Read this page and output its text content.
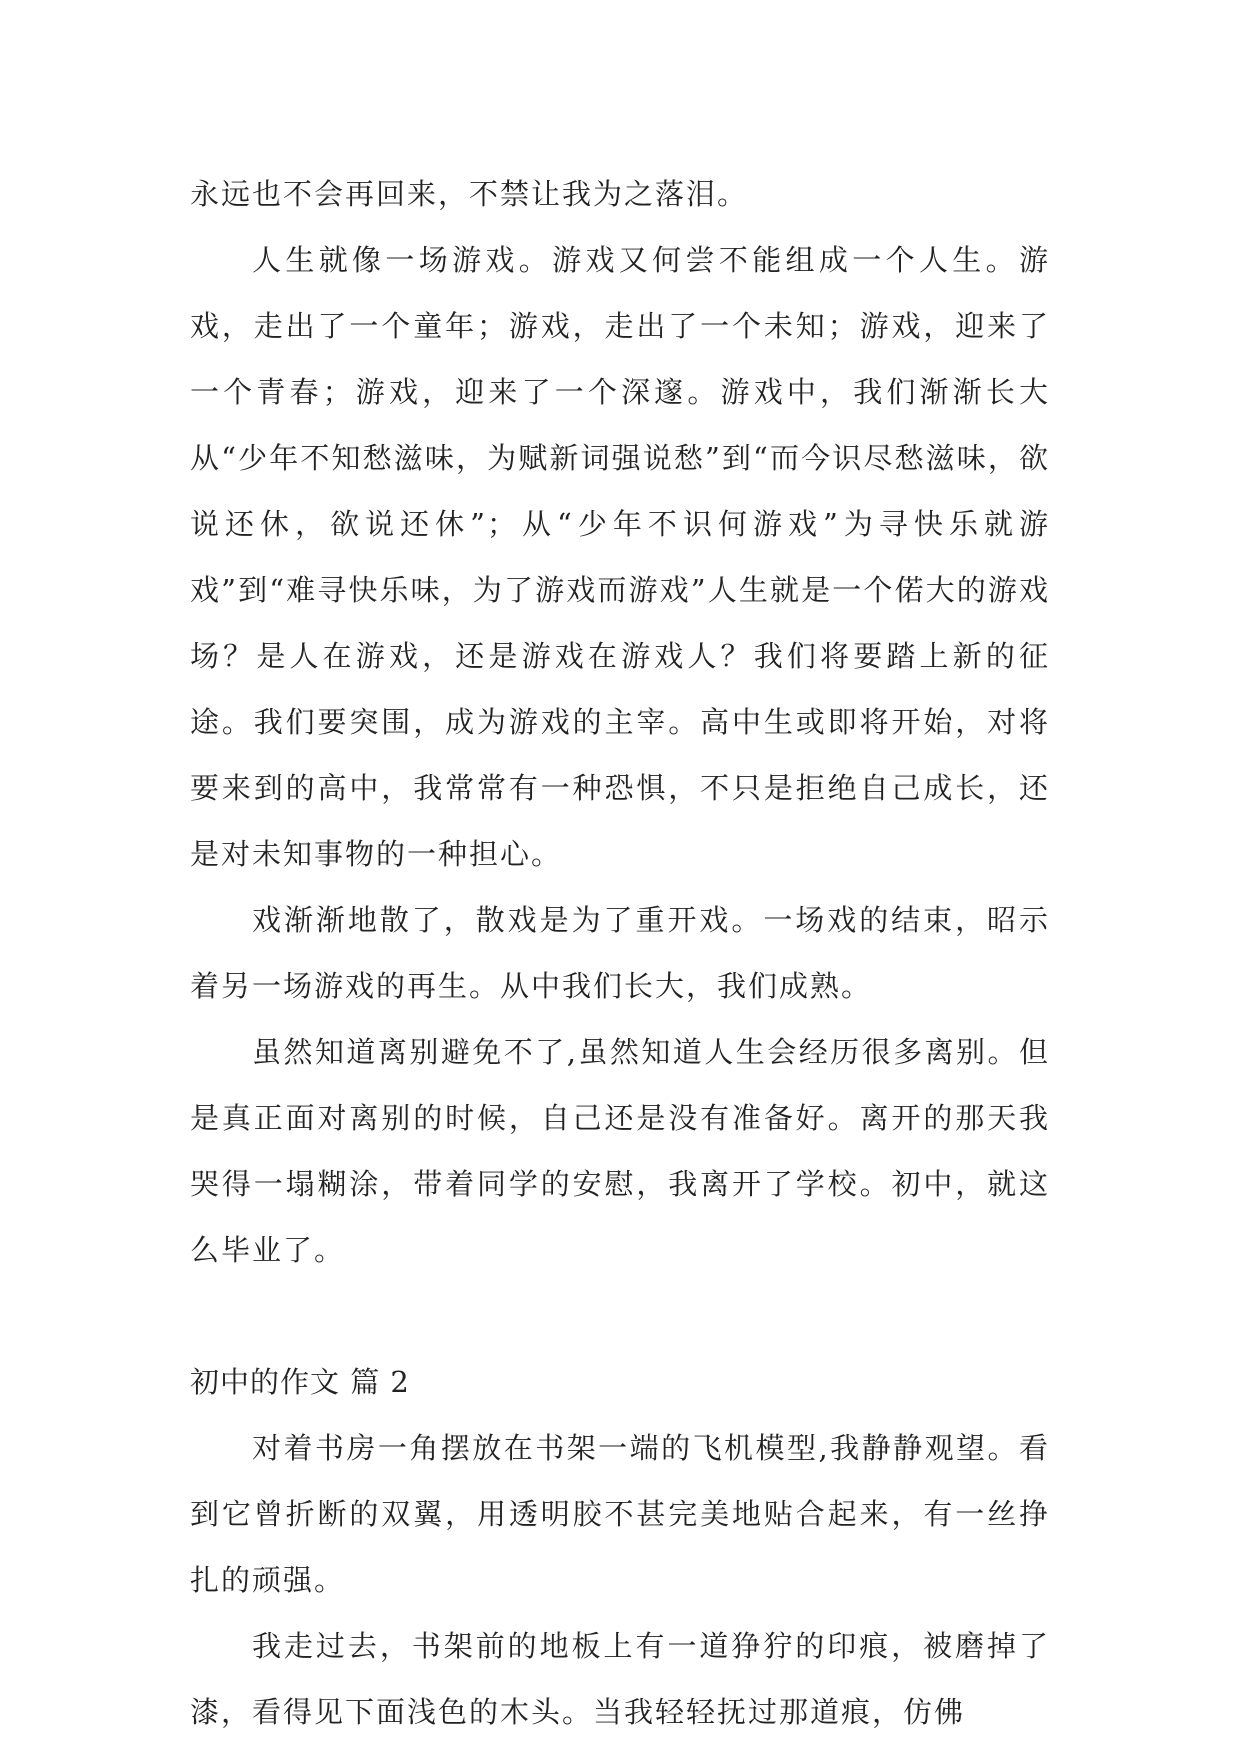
永远也不会再回来，不禁让我为之落泪。

人生就像一场游戏。游戏又何尝不能组成一个人生。游戏，走出了一个童年；游戏，走出了一个未知；游戏，迎来了一个青春；游戏，迎来了一个深邃。游戏中，我们渐渐长大从“少年不知愁滋味，为赋新词强说愁”到“而今识尽愁滋味，欲说还休，欲说还休”；从“少年不识何游戏”为寻快乐就游戏”到“难寻快乐味，为了游戏而游戏”人生就是一个偌大的游戏场？是人在游戏，还是游戏在游戏人？我们将要踏上新的征途。我们要突围，成为游戏的主宰。高中生或即将开始，对将要来到的高中，我常常有一种恐惧，不只是拒绝自己成长，还是对未知事物的一种担心。

戏渐渐地散了，散戏是为了重开戏。一场戏的结束，昭示着另一场游戏的再生。从中我们长大，我们成熟。

虽然知道离别避免不了,虽然知道人生会经历很多离别。但是真正面对离别的时候，自己还是没有准备好。离开的那天我哭得一塌糊涂，带着同学的安慰，我离开了学校。初中，就这么毕业了。

初中的作文 篇 2

对着书房一角摆放在书架一端的飞机模型,我静静观望。看到它曾折断的双翼，用透明胶不甚完美地贴合起来，有一丝挣扎的顽强。

我走过去，书架前的地板上有一道狰狞的印痕，被磨掉了漆，看得见下面浅色的木头。当我轻轻抚过那道痕，仿佛
